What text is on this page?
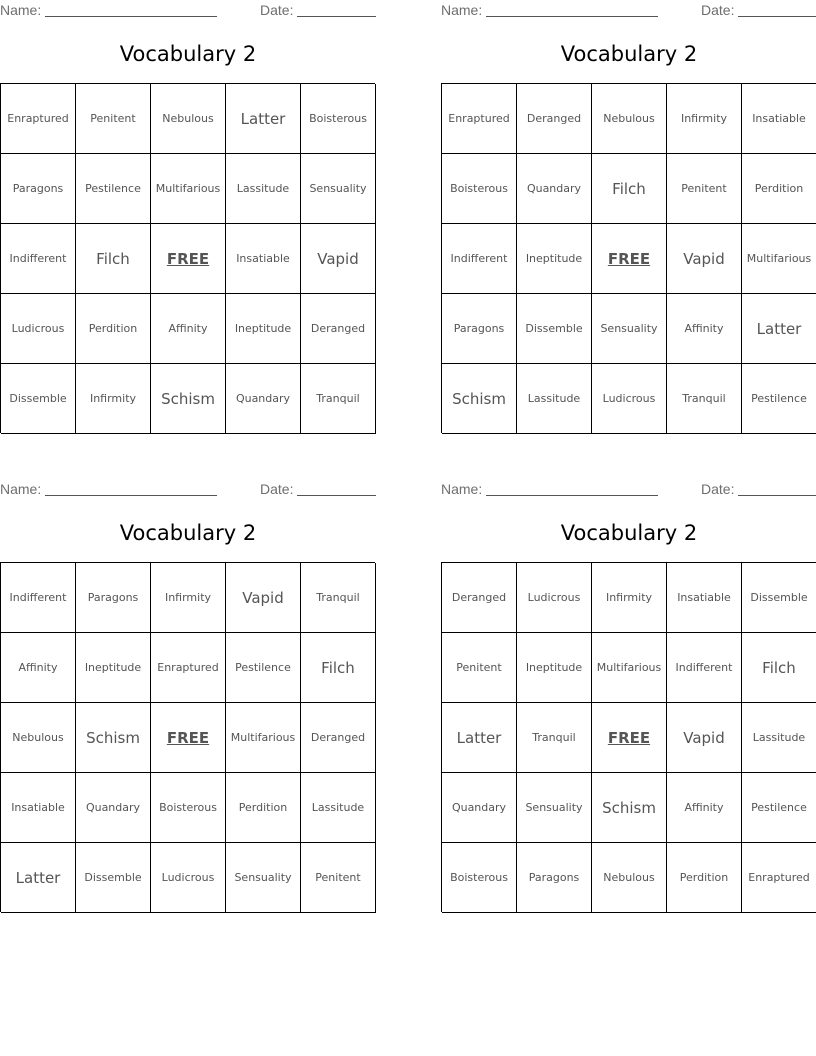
Name:	Date:
Vocabulary 2
Enraptured	Penitent	Nebulous	Latter	Boisterous
Paragons	Pestilence	Multifarious	Lassitude	Sensuality
Indifferent	Filch	FREE	Insatiable	Vapid
Ludicrous	Perdition	Affinity	Ineptitude	Deranged
Dissemble	Infirmity	Schism	Quandary	Tranquil
Name:	Date:
Vocabulary 2
Enraptured	Deranged	Nebulous	Infirmity	Insatiable
Boisterous	Quandary	Filch	Penitent	Perdition
Indifferent	Ineptitude	FREE	Vapid	Multifarious
Paragons	Dissemble	Sensuality	Affinity	Latter
Schism	Lassitude	Ludicrous	Tranquil	Pestilence
Name:	Date:
Vocabulary 2
Indifferent	Paragons	Infirmity	Vapid	Tranquil
Affinity	Ineptitude	Enraptured	Pestilence	Filch
Nebulous	Schism	FREE	Multifarious	Deranged
Insatiable	Quandary	Boisterous	Perdition	Lassitude
Latter	Dissemble	Ludicrous	Sensuality	Penitent
Name:	Date:
Vocabulary 2
Deranged	Ludicrous	Infirmity	Insatiable	Dissemble
Penitent	Ineptitude	Multifarious	Indifferent	Filch
Latter	Tranquil	FREE	Vapid	Lassitude
Quandary	Sensuality	Schism	Affinity	Pestilence
Boisterous	Paragons	Nebulous	Perdition	Enraptured
